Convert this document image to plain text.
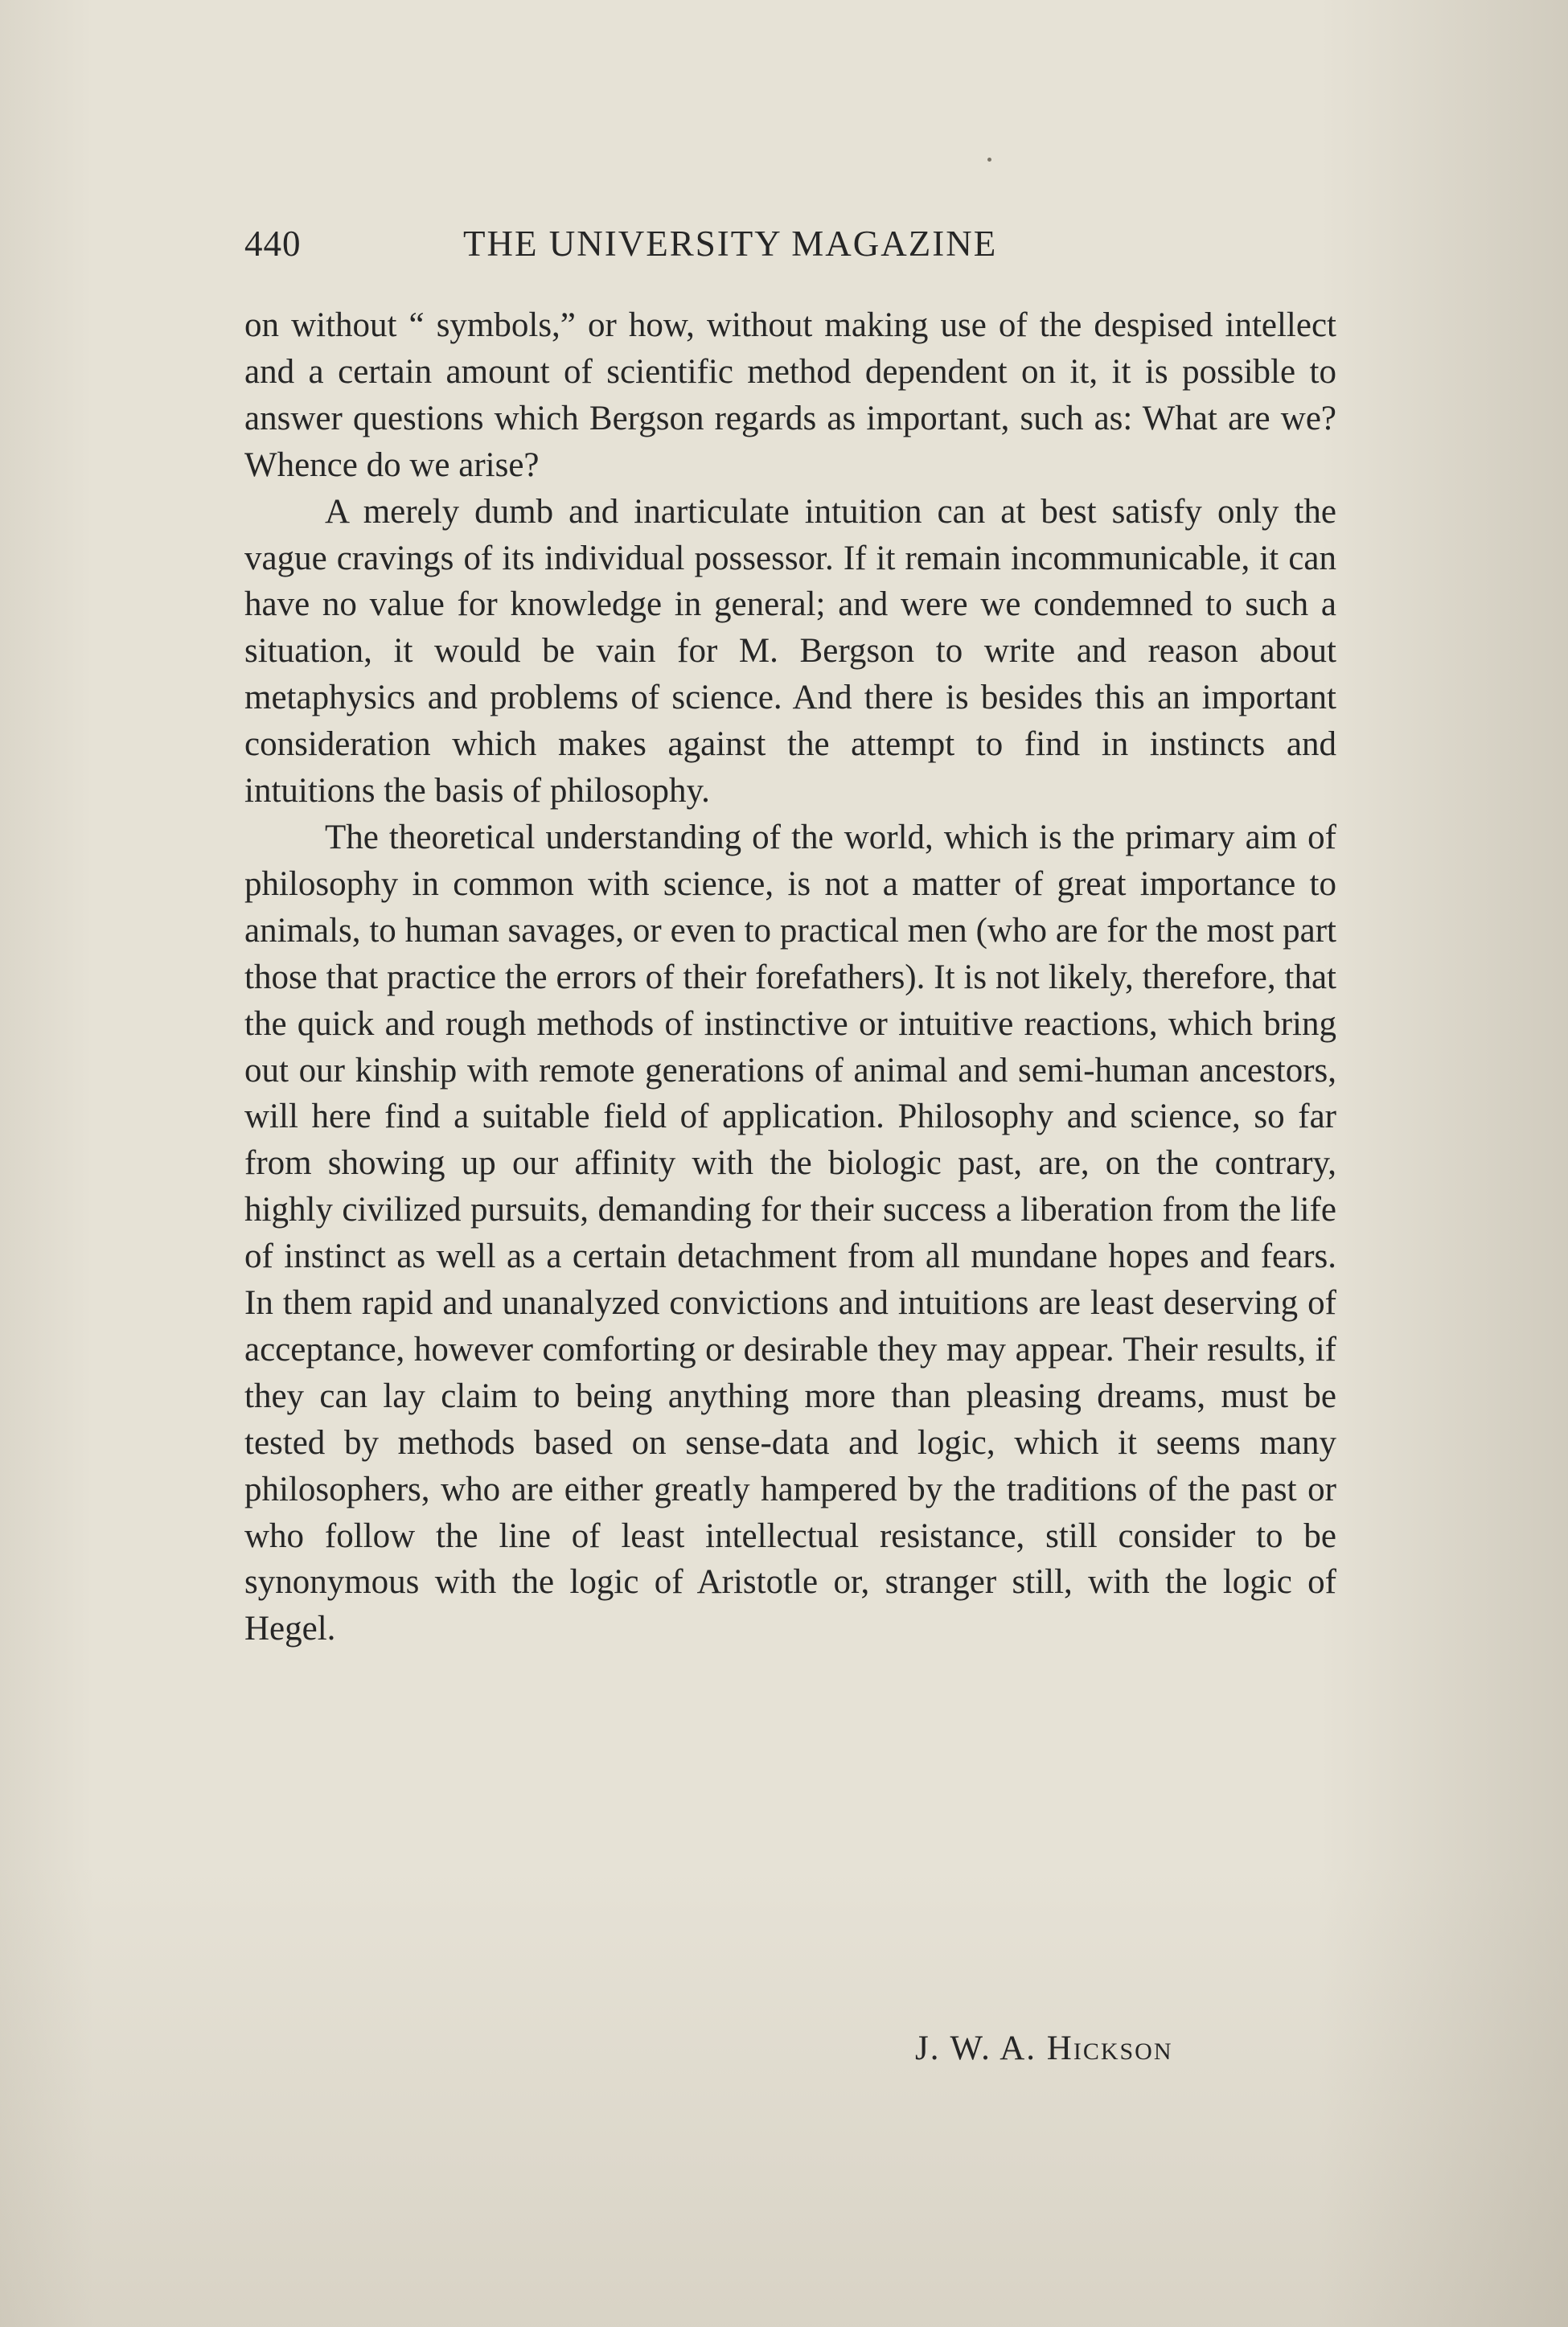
440	THE UNIVERSITY MAGAZINE

on without “ symbols,” or how, without making use of the despised intellect and a certain amount of scientific method dependent on it, it is possible to answer questions which Bergson regards as important, such as: What are we? Whence do we arise?

A merely dumb and inarticulate intuition can at best satisfy only the vague cravings of its individual possessor. If it remain incommunicable, it can have no value for knowledge in general; and were we condemned to such a situation, it would be vain for M. Bergson to write and reason about metaphysics and problems of science. And there is besides this an important consideration which makes against the attempt to find in instincts and intuitions the basis of philosophy.

The theoretical understanding of the world, which is the primary aim of philosophy in common with science, is not a matter of great importance to animals, to human savages, or even to practical men (who are for the most part those that practice the errors of their forefathers). It is not likely, therefore, that the quick and rough methods of instinctive or intuitive reactions, which bring out our kinship with remote generations of animal and semi-human ancestors, will here find a suitable field of application. Philosophy and science, so far from showing up our affinity with the biologic past, are, on the contrary, highly civilized pursuits, demanding for their success a liberation from the life of instinct as well as a certain detachment from all mundane hopes and fears. In them rapid and unanalyzed convictions and intuitions are least deserving of acceptance, however comforting or desirable they may appear. Their results, if they can lay claim to being anything more than pleasing dreams, must be tested by methods based on sense-data and logic, which it seems many philosophers, who are either greatly hampered by the traditions of the past or who follow the line of least intellectual resistance, still consider to be synonymous with the logic of Aristotle or, stranger still, with the logic of Hegel.

J. W. A. Hickson
